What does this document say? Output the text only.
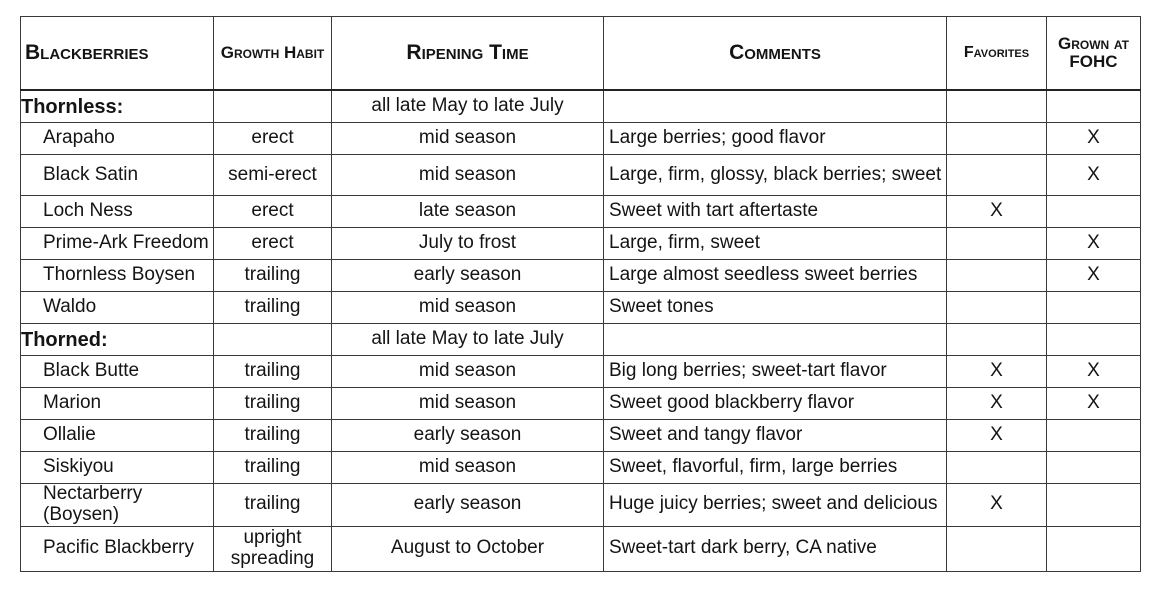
Blackberries	Growth Habit	Ripening Time	Comments	Favorites	Grown at FOHC
Thornless:		all late May to late July			
Arapaho	erect	mid season	Large berries; good flavor		X
Black Satin	semi-erect	mid season	Large, firm, glossy, black berries; sweet		X
Loch Ness	erect	late season	Sweet with tart aftertaste	X	
Prime-Ark Freedom	erect	July to frost	Large, firm, sweet		X
Thornless Boysen	trailing	early season	Large almost seedless sweet berries		X
Waldo	trailing	mid season	Sweet tones		
Thorned:		all late May to late July			
Black Butte	trailing	mid season	Big long berries; sweet-tart flavor	X	X
Marion	trailing	mid season	Sweet good blackberry flavor	X	X
Ollalie	trailing	early season	Sweet and tangy flavor	X	
Siskiyou	trailing	mid season	Sweet, flavorful, firm, large berries		
Nectarberry (Boysen)	trailing	early season	Huge juicy berries; sweet and delicious	X	
Pacific Blackberry	upright spreading	August to October	Sweet-tart dark berry, CA native		
